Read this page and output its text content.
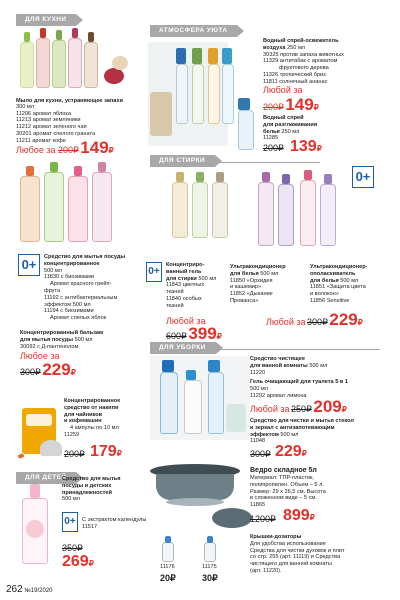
ДЛЯ КУХНИ
АТМОСФЕРА УЮТА
ДЛЯ СТИРКИ
ДЛЯ УБОРКИ
ДЛЯ ДЕТЕЙ
Мыло для кухни, устраняющее запахи
300 мл
11206 аромат яблока
11213 аромат земляники
11212 аромат зеленого чая
30201 аромат спелого граната
11211 аромат кофе
Любое за 200₽ 149₽
Водный спрей-освежитель
воздуха 250 мл
30325 против запаха животных
11329 антитабак с ароматом
фруктового дерева
11326 тропический бриз
11811 солнечный ананас
Любой за
200₽ 149₽
Водный спрей
для разглаживания
белья 250 мл
11285
200₽ 139₽
0+	Средство для мытья посуды
концентрированное
500 мл
11830 с биозимами
Аромат красного грейп-
фрута
11192 с антибактериальным
эффектом 500 мл
11194 с биозимами
Аромат спелых яблок
Концентрированный бальзам
для мытья посуды 500 мл
30092 с Д-пантенолом
Любое за
300₽ 229₽
0+
0+
Концентриро-
ванный гель
для стирки 500 мл
11843 цветных
тканей
11840 особых
тканей
Любой за
600₽ 399₽
Ультракондиционер
для белья 500 мл
11850 «Орхидея
и кашемир»
11852 «Дыхание
Прованса»
Ультракондиционер-
ополаскиватель
для белья 500 мл
11851 «Защита цвета
и волокон»
11856 Sensitive
Любой за 300₽ 229₽
Средство чистящее
для ванной комнаты 500 мл
11220
Гель очищающий для туалета 5 в 1
500 мл
11292 аромат лимона
Любой за 250₽ 209₽
Средство для чистки и мытья стекол
и зеркал с антизапотевающим
эффектом 500 мл
11048
300₽ 229₽
Концентрированное
средство от накипи
для чайников
и кофемашин
4 ампулы по 10 мл
11259
200₽ 179₽
Ведро складное 5л
Материал: ТПР-пластик,
полипропилен. Объем – 5 л.
Размер: 29 х 26,5 см. Высота
в сложенном виде – 5 см.
11865
1200₽ 899₽
0+
Средство для мытья
посуды и детских
принадлежностей
500 мл
С экстрактом календулы
11517
350₽
269₽	11176	11175
20₽	30₽
Крышки-дозаторы
Для удобства использования
Средства для чистки духовок и плит
со стр. 255 (арт. 11119) и Средства
чистящего для ванной комнаты
(арт. 11220).
262 №19/2020
